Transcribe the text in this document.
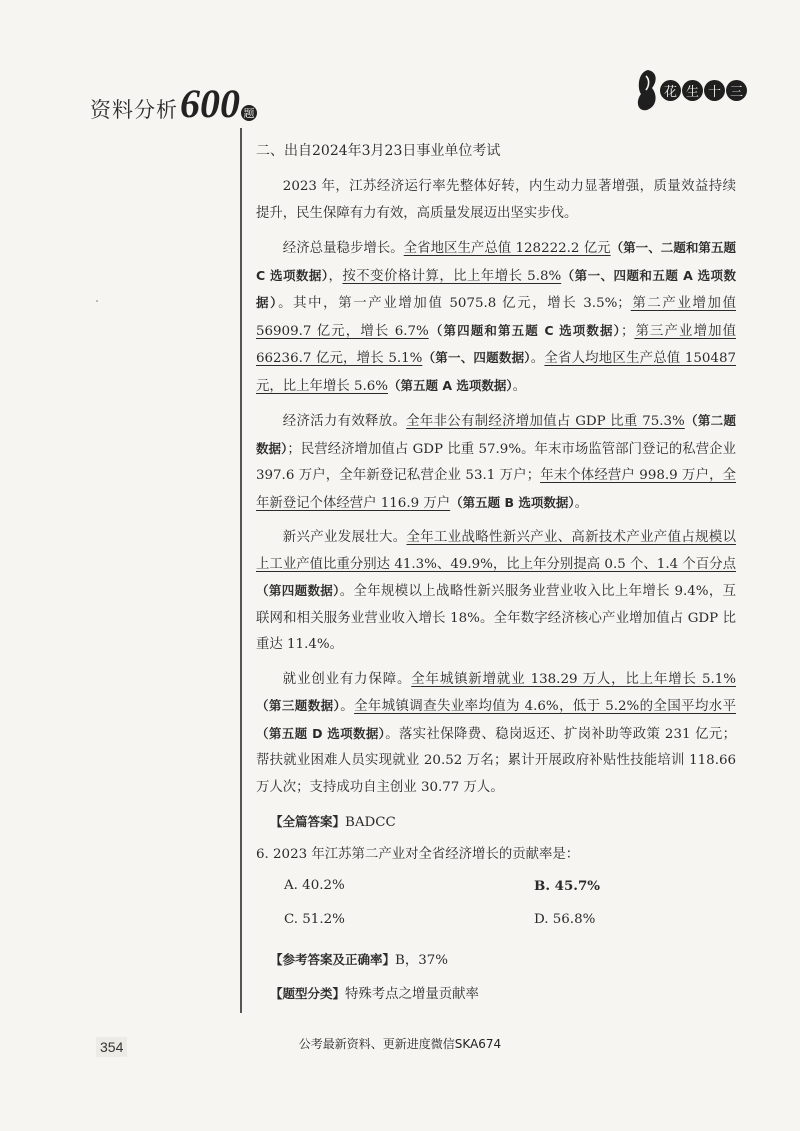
资料分析 600 题
花 生 十 三
二、出自2024年3月23日事业单位考试

2023 年，江苏经济运行率先整体好转，内生动力显著增强，质量效益持续提升，民生保障有力有效，高质量发展迈出坚实步伐。

经济总量稳步增长。全省地区生产总值 128222.2 亿元（第一、二题和第五题 C 选项数据），按不变价格计算，比上年增长 5.8%（第一、四题和五题 A 选项数据）。其中，第一产业增加值 5075.8 亿元，增长 3.5%；第二产业增加值 56909.7 亿元，增长 6.7%（第四题和第五题 C 选项数据）；第三产业增加值 66236.7 亿元，增长 5.1%（第一、四题数据）。全省人均地区生产总值 150487 元，比上年增长 5.6%（第五题 A 选项数据）。

经济活力有效释放。全年非公有制经济增加值占 GDP 比重 75.3%（第二题数据）；民营经济增加值占 GDP 比重 57.9%。年末市场监管部门登记的私营企业 397.6 万户，全年新登记私营企业 53.1 万户；年末个体经营户 998.9 万户，全年新登记个体经营户 116.9 万户（第五题 B 选项数据）。

新兴产业发展壮大。全年工业战略性新兴产业、高新技术产业产值占规模以上工业产值比重分别达 41.3%、49.9%，比上年分别提高 0.5 个、1.4 个百分点（第四题数据）。全年规模以上战略性新兴服务业营业收入比上年增长 9.4%，互联网和相关服务业营业收入增长 18%。全年数字经济核心产业增加值占 GDP 比重达 11.4%。

就业创业有力保障。全年城镇新增就业 138.29 万人，比上年增长 5.1%（第三题数据）。全年城镇调查失业率均值为 4.6%，低于 5.2%的全国平均水平（第五题 D 选项数据）。落实社保降费、稳岗返还、扩岗补助等政策 231 亿元；帮扶就业困难人员实现就业 20.52 万名；累计开展政府补贴性技能培训 118.66 万人次；支持成功自主创业 30.77 万人。

【全篇答案】BADCC
6. 2023 年江苏第二产业对全省经济增长的贡献率是：
A. 40.2%	B. 45.7%
C. 51.2%	D. 56.8%
【参考答案及正确率】B，37%
【题型分类】特殊考点之增量贡献率
354	公考最新资料、更新进度微信SKA674
